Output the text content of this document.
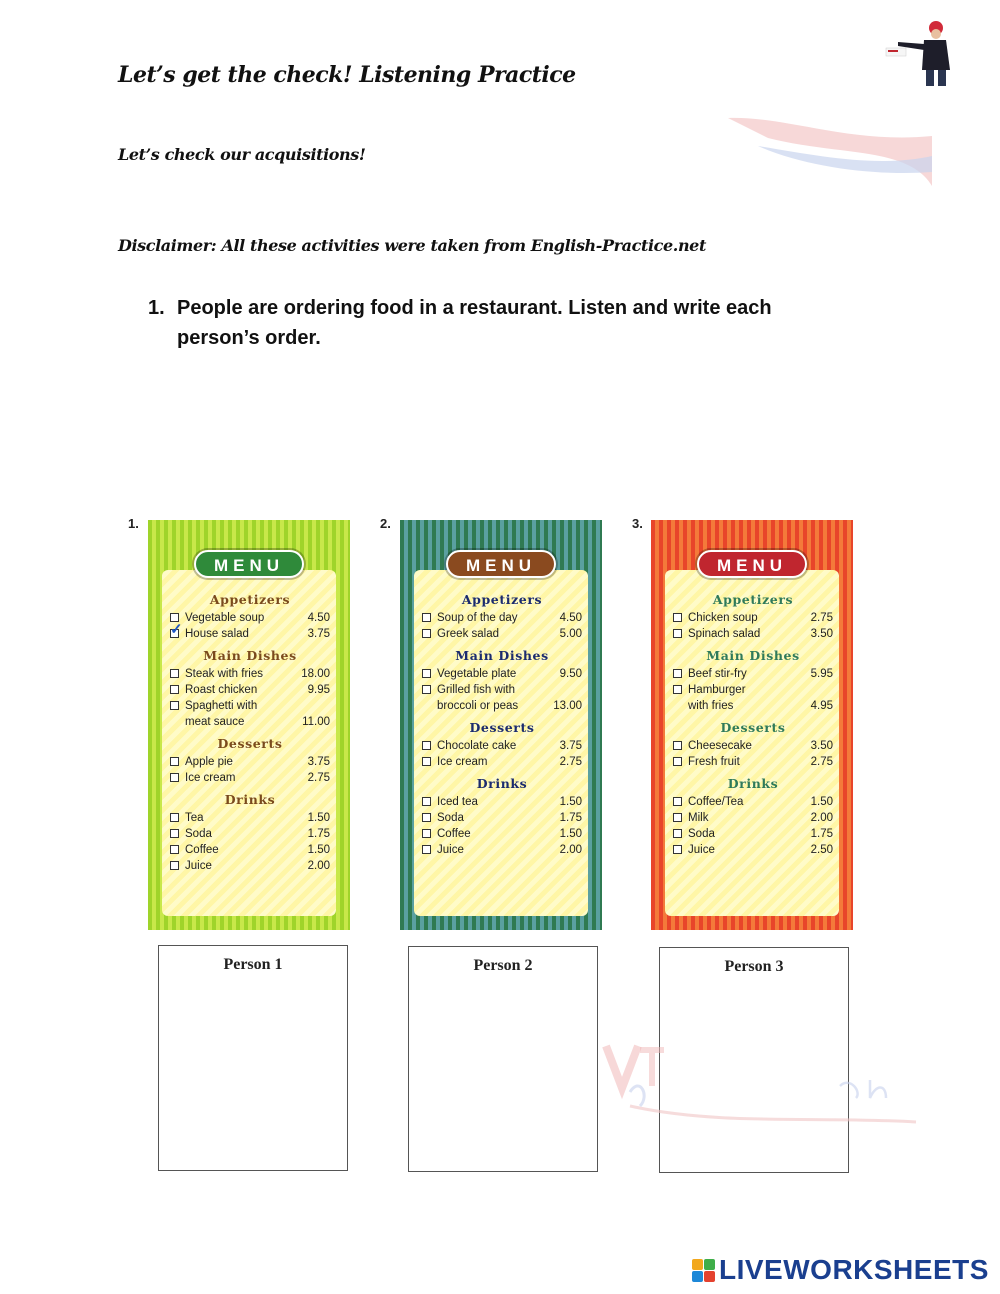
Let’s get the check! Listening Practice
Let’s check our acquisitions!
Disclaimer: All these activities were taken from English-Practice.net
1. People are ordering food in a restaurant. Listen and write each
person’s order.
1.	2.	3.
MENU
Appetizers
Vegetable soup	4.50
✓ House salad	3.75
Main Dishes
Steak with fries	18.00
Roast chicken	9.95
Spaghetti with
meat sauce	11.00
Desserts
Apple pie	3.75
Ice cream	2.75
Drinks
Tea	1.50
Soda	1.75
Coffee	1.50
Juice	2.00
MENU
Appetizers
Soup of the day	4.50
Greek salad	5.00
Main Dishes
Vegetable plate	9.50
Grilled fish with
broccoli or peas	13.00
Desserts
Chocolate cake	3.75
Ice cream	2.75
Drinks
Iced tea	1.50
Soda	1.75
Coffee	1.50
Juice	2.00
MENU
Appetizers
Chicken soup	2.75
Spinach salad	3.50
Main Dishes
Beef stir-fry	5.95
Hamburger
with fries	4.95
Desserts
Cheesecake	3.50
Fresh fruit	2.75
Drinks
Coffee/Tea	1.50
Milk	2.00
Soda	1.75
Juice	2.50
Person 1	Person 2	Person 3
LIVEWORKSHEETS
